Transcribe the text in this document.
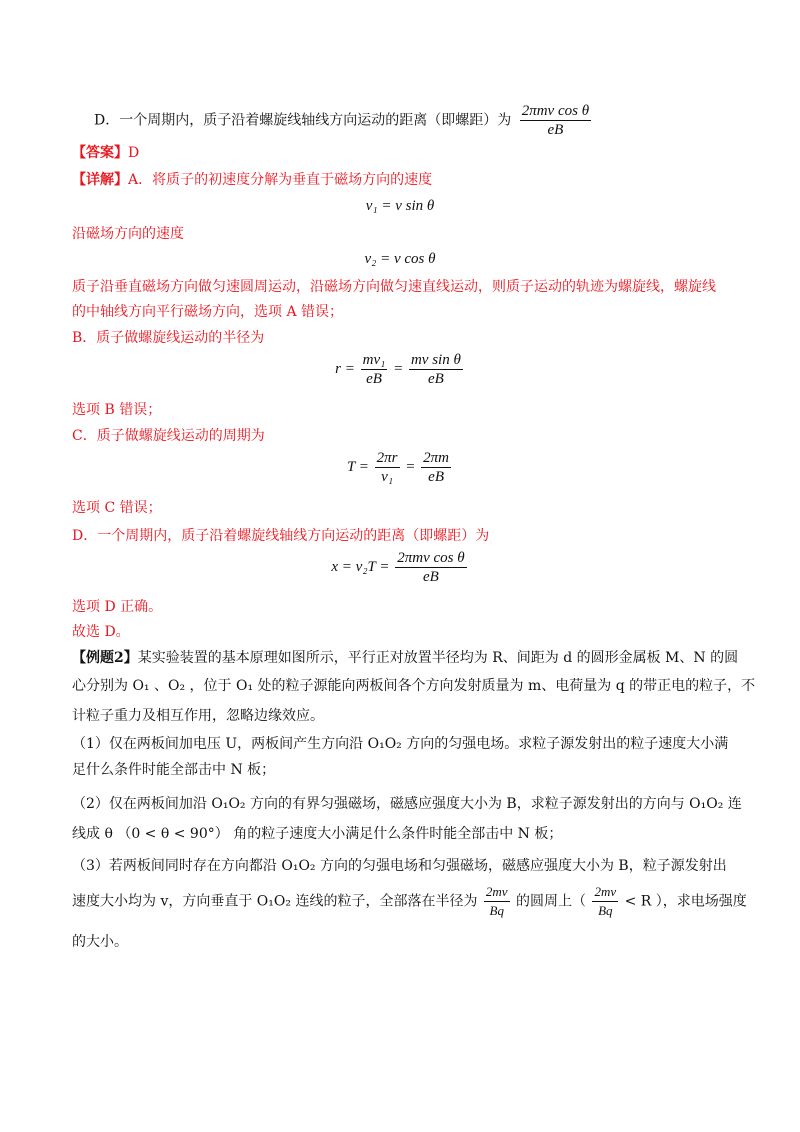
D．一个周期内，质子沿着螺旋线轴线方向运动的距离（即螺距）为 $\frac{\text{2πmv cos θ}}{eB}$
【答案】D
【详解】A．将质子的初速度分解为垂直于磁场方向的速度
v₁ = v sin θ
沿磁场方向的速度
v₂ = v cos θ
质子沿垂直磁场方向做匀速圆周运动，沿磁场方向做匀速直线运动，则质子运动的轨迹为螺旋线，螺旋线
的中轴线方向平行磁场方向，选项 A 错误；
B．质子做螺旋线运动的半径为
$r = \frac{\text{mv₁}}{eB} = \frac{\text{mv sin θ}}{eB}$
选项 B 错误；
C．质子做螺旋线运动的周期为
$T = \frac{2\pi r}{\text{v₁}} = \frac{2\pi m}{eB}$
选项 C 错误；
D．一个周期内，质子沿着螺旋线轴线方向运动的距离（即螺距）为
$x = v_2T = \frac{\text{2πmv cos θ}}{eB}$
选项 D 正确。
故选 D。
【例题2】某实验装置的基本原理如图所示，平行正对放置半径均为 R、间距为 d 的圆形金属板 M、N 的圆
心分别为 O₁ 、O₂ ，位于 O₁ 处的粒子源能向两板间各个方向发射质量为 m、电荷量为 q 的带正电的粒子，不
计粒子重力及相互作用，忽略边缘效应。
（1）仅在两板间加电压 U，两板间产生方向沿 O₁O₂ 方向的匀强电场。求粒子源发射出的粒子速度大小满
足什么条件时能全部击中 N 板；
（2）仅在两板间加沿 O₁O₂ 方向的有界匀强磁场，磁感应强度大小为 B，求粒子源发射出的方向与 O₁O₂ 连
线成 θ （0 < θ < 90°） 角的粒子速度大小满足什么条件时能全部击中 N 板；
（3）若两板间同时存在方向都沿 O₁O₂ 方向的匀强电场和匀强磁场，磁感应强度大小为 B，粒子源发射出
速度大小均为 v，方向垂直于 O₁O₂ 连线的粒子，全部落在半径为 $\frac{2mv}{Bq}$ 的圆周上（ $\frac{2mv}{Bq} < R$ ），求电场强度
的大小。
